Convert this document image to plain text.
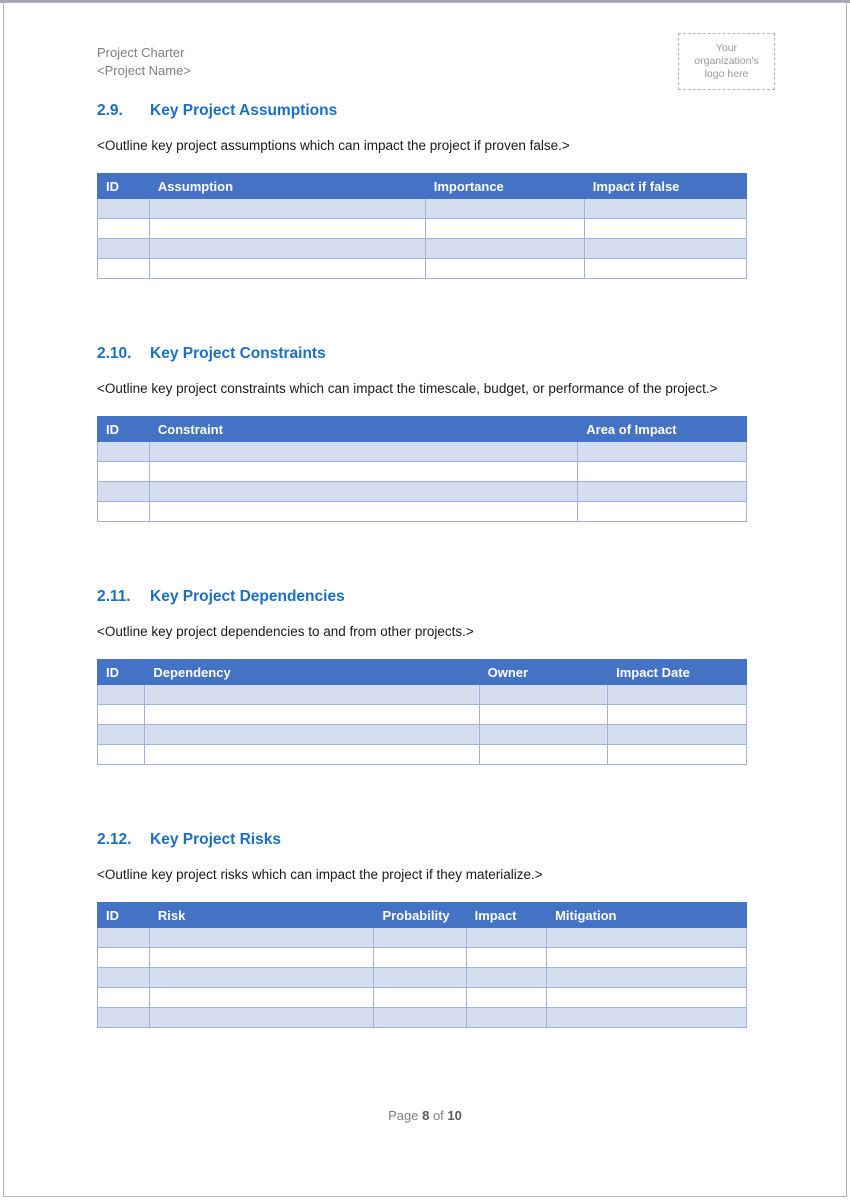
Your organization's logo here
Project Charter
<Project Name>
2.9.	Key Project Assumptions
<Outline key project assumptions which can impact the project if proven false.>
ID	Assumption	Importance	Impact if false

2.10.	Key Project Constraints
<Outline key project constraints which can impact the timescale, budget, or performance of the project.>
ID	Constraint	Area of Impact

2.11.	Key Project Dependencies
<Outline key project dependencies to and from other projects.>
ID	Dependency	Owner	Impact Date

2.12.	Key Project Risks
<Outline key project risks which can impact the project if they materialize.>
ID	Risk	Probability	Impact	Mitigation

Page 8 of 10
